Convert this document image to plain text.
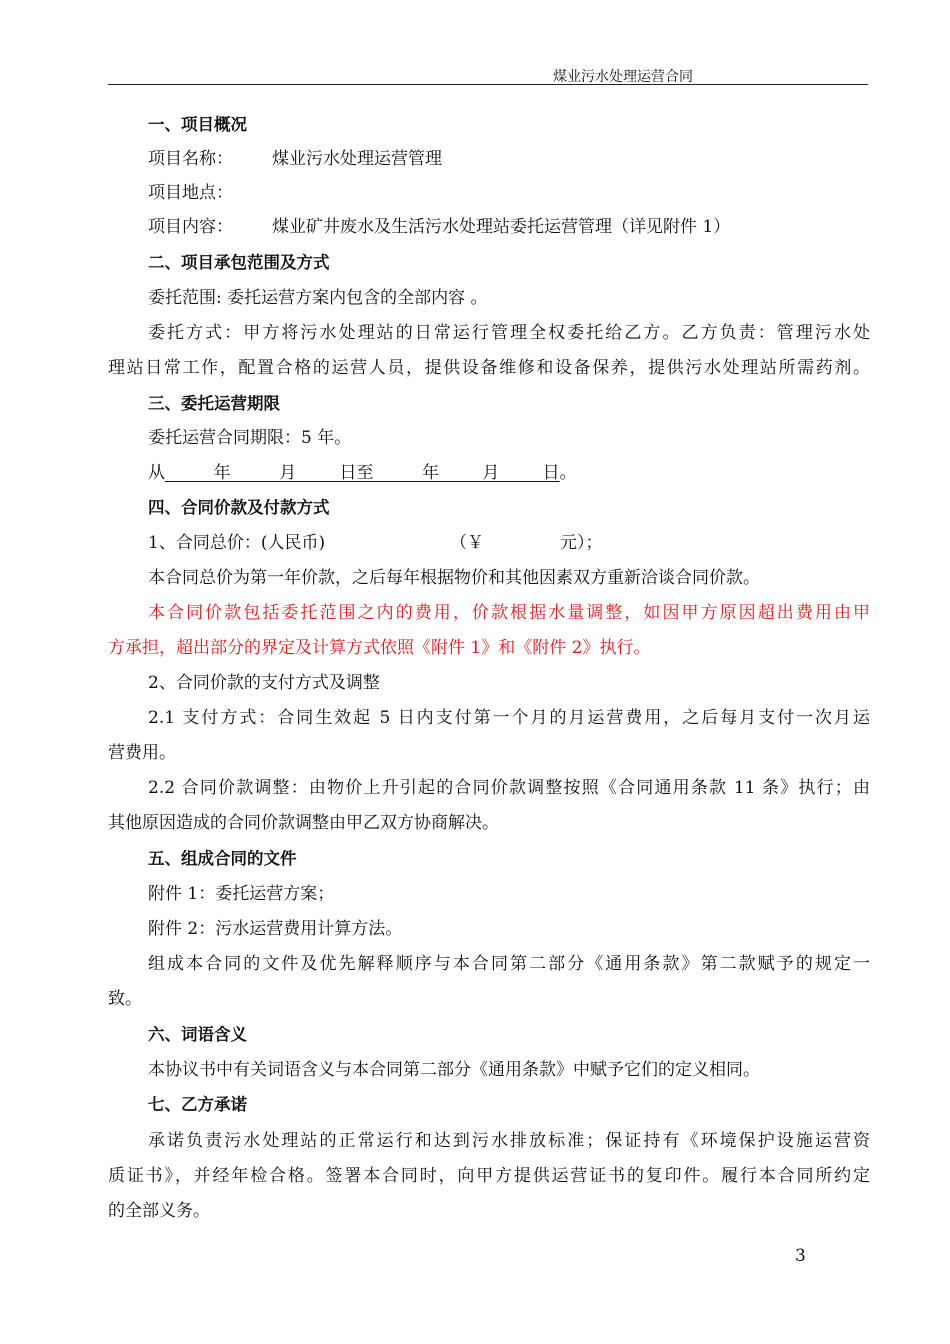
煤业污水处理运营合同
一、项目概况
项目名称： 煤业污水处理运营管理
项目地点：
项目内容： 煤业矿井废水及生活污水处理站委托运营管理（详见附件 1）
二、项目承包范围及方式
委托范围: 委托运营方案内包含的全部内容 。
委托方式：甲方将污水处理站的日常运行管理全权委托给乙方。乙方负责：管理污水处
理站日常工作，配置合格的运营人员，提供设备维修和设备保养，提供污水处理站所需药剂。
三、委托运营期限
委托运营合同期限：5 年。
从         年         月        日至         年        月        日。
四、合同价款及付款方式
1、合同总价：(人民币)	（￥	元）；
本合同总价为第一年价款，之后每年根据物价和其他因素双方重新洽谈合同价款。
本合同价款包括委托范围之内的费用，价款根据水量调整，如因甲方原因超出费用由甲
方承担，超出部分的界定及计算方式依照《附件 1》和《附件 2》执行。
2、合同价款的支付方式及调整
2.1 支付方式：合同生效起 5 日内支付第一个月的月运营费用，之后每月支付一次月运
营费用。
2.2 合同价款调整：由物价上升引起的合同价款调整按照《合同通用条款 11 条》执行；由
其他原因造成的合同价款调整由甲乙双方协商解决。
五、组成合同的文件
附件 1：委托运营方案；
附件 2：污水运营费用计算方法。
组成本合同的文件及优先解释顺序与本合同第二部分《通用条款》第二款赋予的规定一
致。
六、词语含义
本协议书中有关词语含义与本合同第二部分《通用条款》中赋予它们的定义相同。
七、乙方承诺
承诺负责污水处理站的正常运行和达到污水排放标准；保证持有《环境保护设施运营资
质证书》，并经年检合格。签署本合同时，向甲方提供运营证书的复印件。履行本合同所约定
的全部义务。
3
